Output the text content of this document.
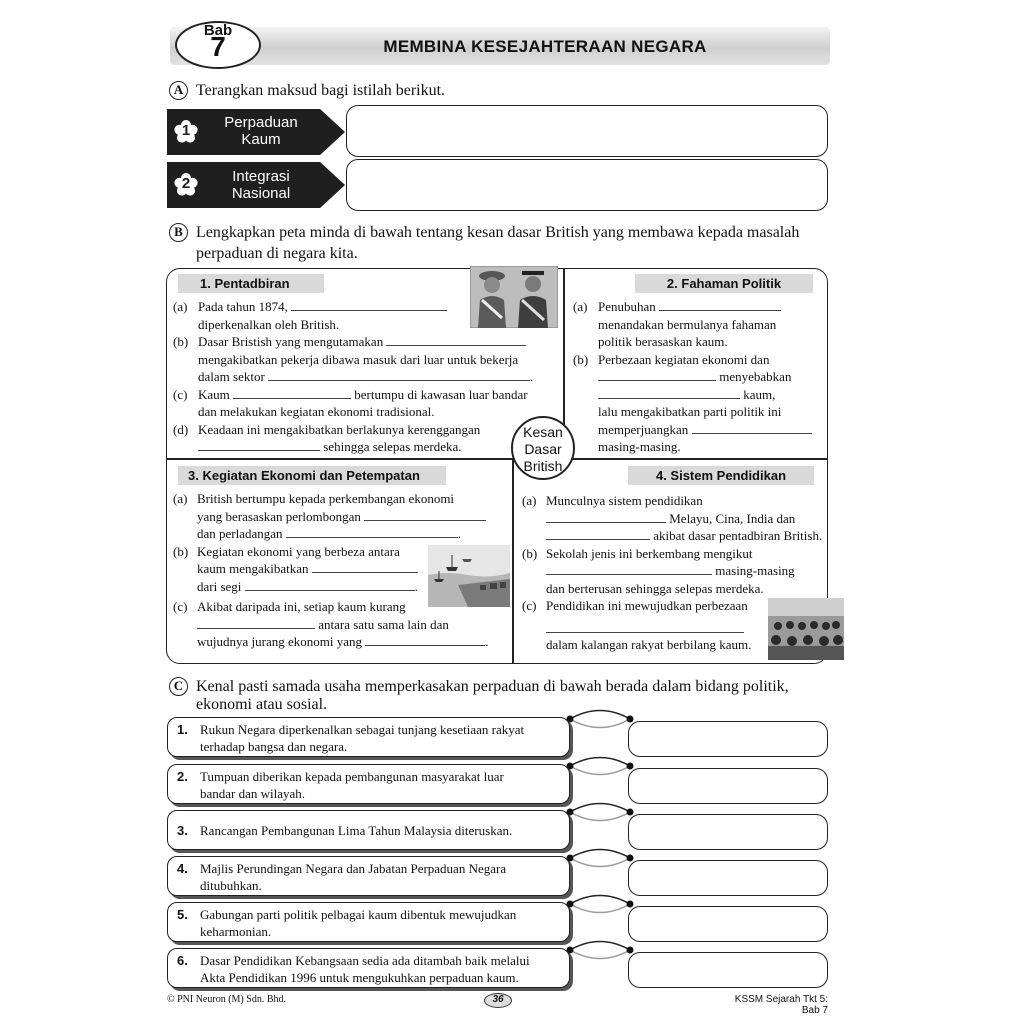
MEMBINA KESEJAHTERAAN NEGARA
Bab
7
A Terangkan maksud bagi istilah berikut.
1	Perpaduan
Kaum
2	Integrasi
Nasional
B Lengkapkan peta minda di bawah tentang kesan dasar British yang membawa kepada masalah
perpaduan di negara kita.
1. Pentadbiran
(a) Pada tahun 1874,
diperkenalkan oleh British.
(b) Dasar Bristish yang mengutamakan
mengakibatkan pekerja dibawa masuk dari luar untuk bekerja
dalam sektor	.
(c) Kaum	bertumpu di kawasan luar bandar
dan melakukan kegiatan ekonomi tradisional.
(d) Keadaan ini mengakibatkan berlakunya kerenggangan
sehingga selepas merdeka.
2. Fahaman Politik
(a) Penubuhan
menandakan bermulanya fahaman
politik berasaskan kaum.
(b) Perbezaan kegiatan ekonomi dan
menyebabkan
kaum,
lalu mengakibatkan parti politik ini
memperjuangkan
masing-masing.
Kesan
Dasar
British
3. Kegiatan Ekonomi dan Petempatan
(a) British bertumpu kepada perkembangan ekonomi
yang berasaskan perlombongan
dan perladangan	.
(b) Kegiatan ekonomi yang berbeza antara
kaum mengakibatkan
dari segi	.
(c) Akibat daripada ini, setiap kaum kurang
antara satu sama lain dan
wujudnya jurang ekonomi yang	.
4. Sistem Pendidikan
(a) Munculnya sistem pendidikan
Melayu, Cina, India dan
akibat dasar pentadbiran British.
(b) Sekolah jenis ini berkembang mengikut
masing-masing
dan berterusan sehingga selepas merdeka.
(c) Pendidikan ini mewujudkan perbezaan
dalam kalangan rakyat berbilang kaum.
C Kenal pasti samada usaha memperkasakan perpaduan di bawah berada dalam bidang politik,
ekonomi atau sosial.
1. Rukun Negara diperkenalkan sebagai tunjang kesetiaan rakyat
terhadap bangsa dan negara.
2. Tumpuan diberikan kepada pembangunan masyarakat luar
bandar dan wilayah.
3. Rancangan Pembangunan Lima Tahun Malaysia diteruskan.
4. Majlis Perundingan Negara dan Jabatan Perpaduan Negara
ditubuhkan.
5. Gabungan parti politik pelbagai kaum dibentuk mewujudkan
keharmonian.
6. Dasar Pendidikan Kebangsaan sedia ada ditambah baik melalui
Akta Pendidikan 1996 untuk mengukuhkan perpaduan kaum.
© PNI Neuron (M) Sdn. Bhd.	36	KSSM Sejarah Tkt 5: Bab 7
